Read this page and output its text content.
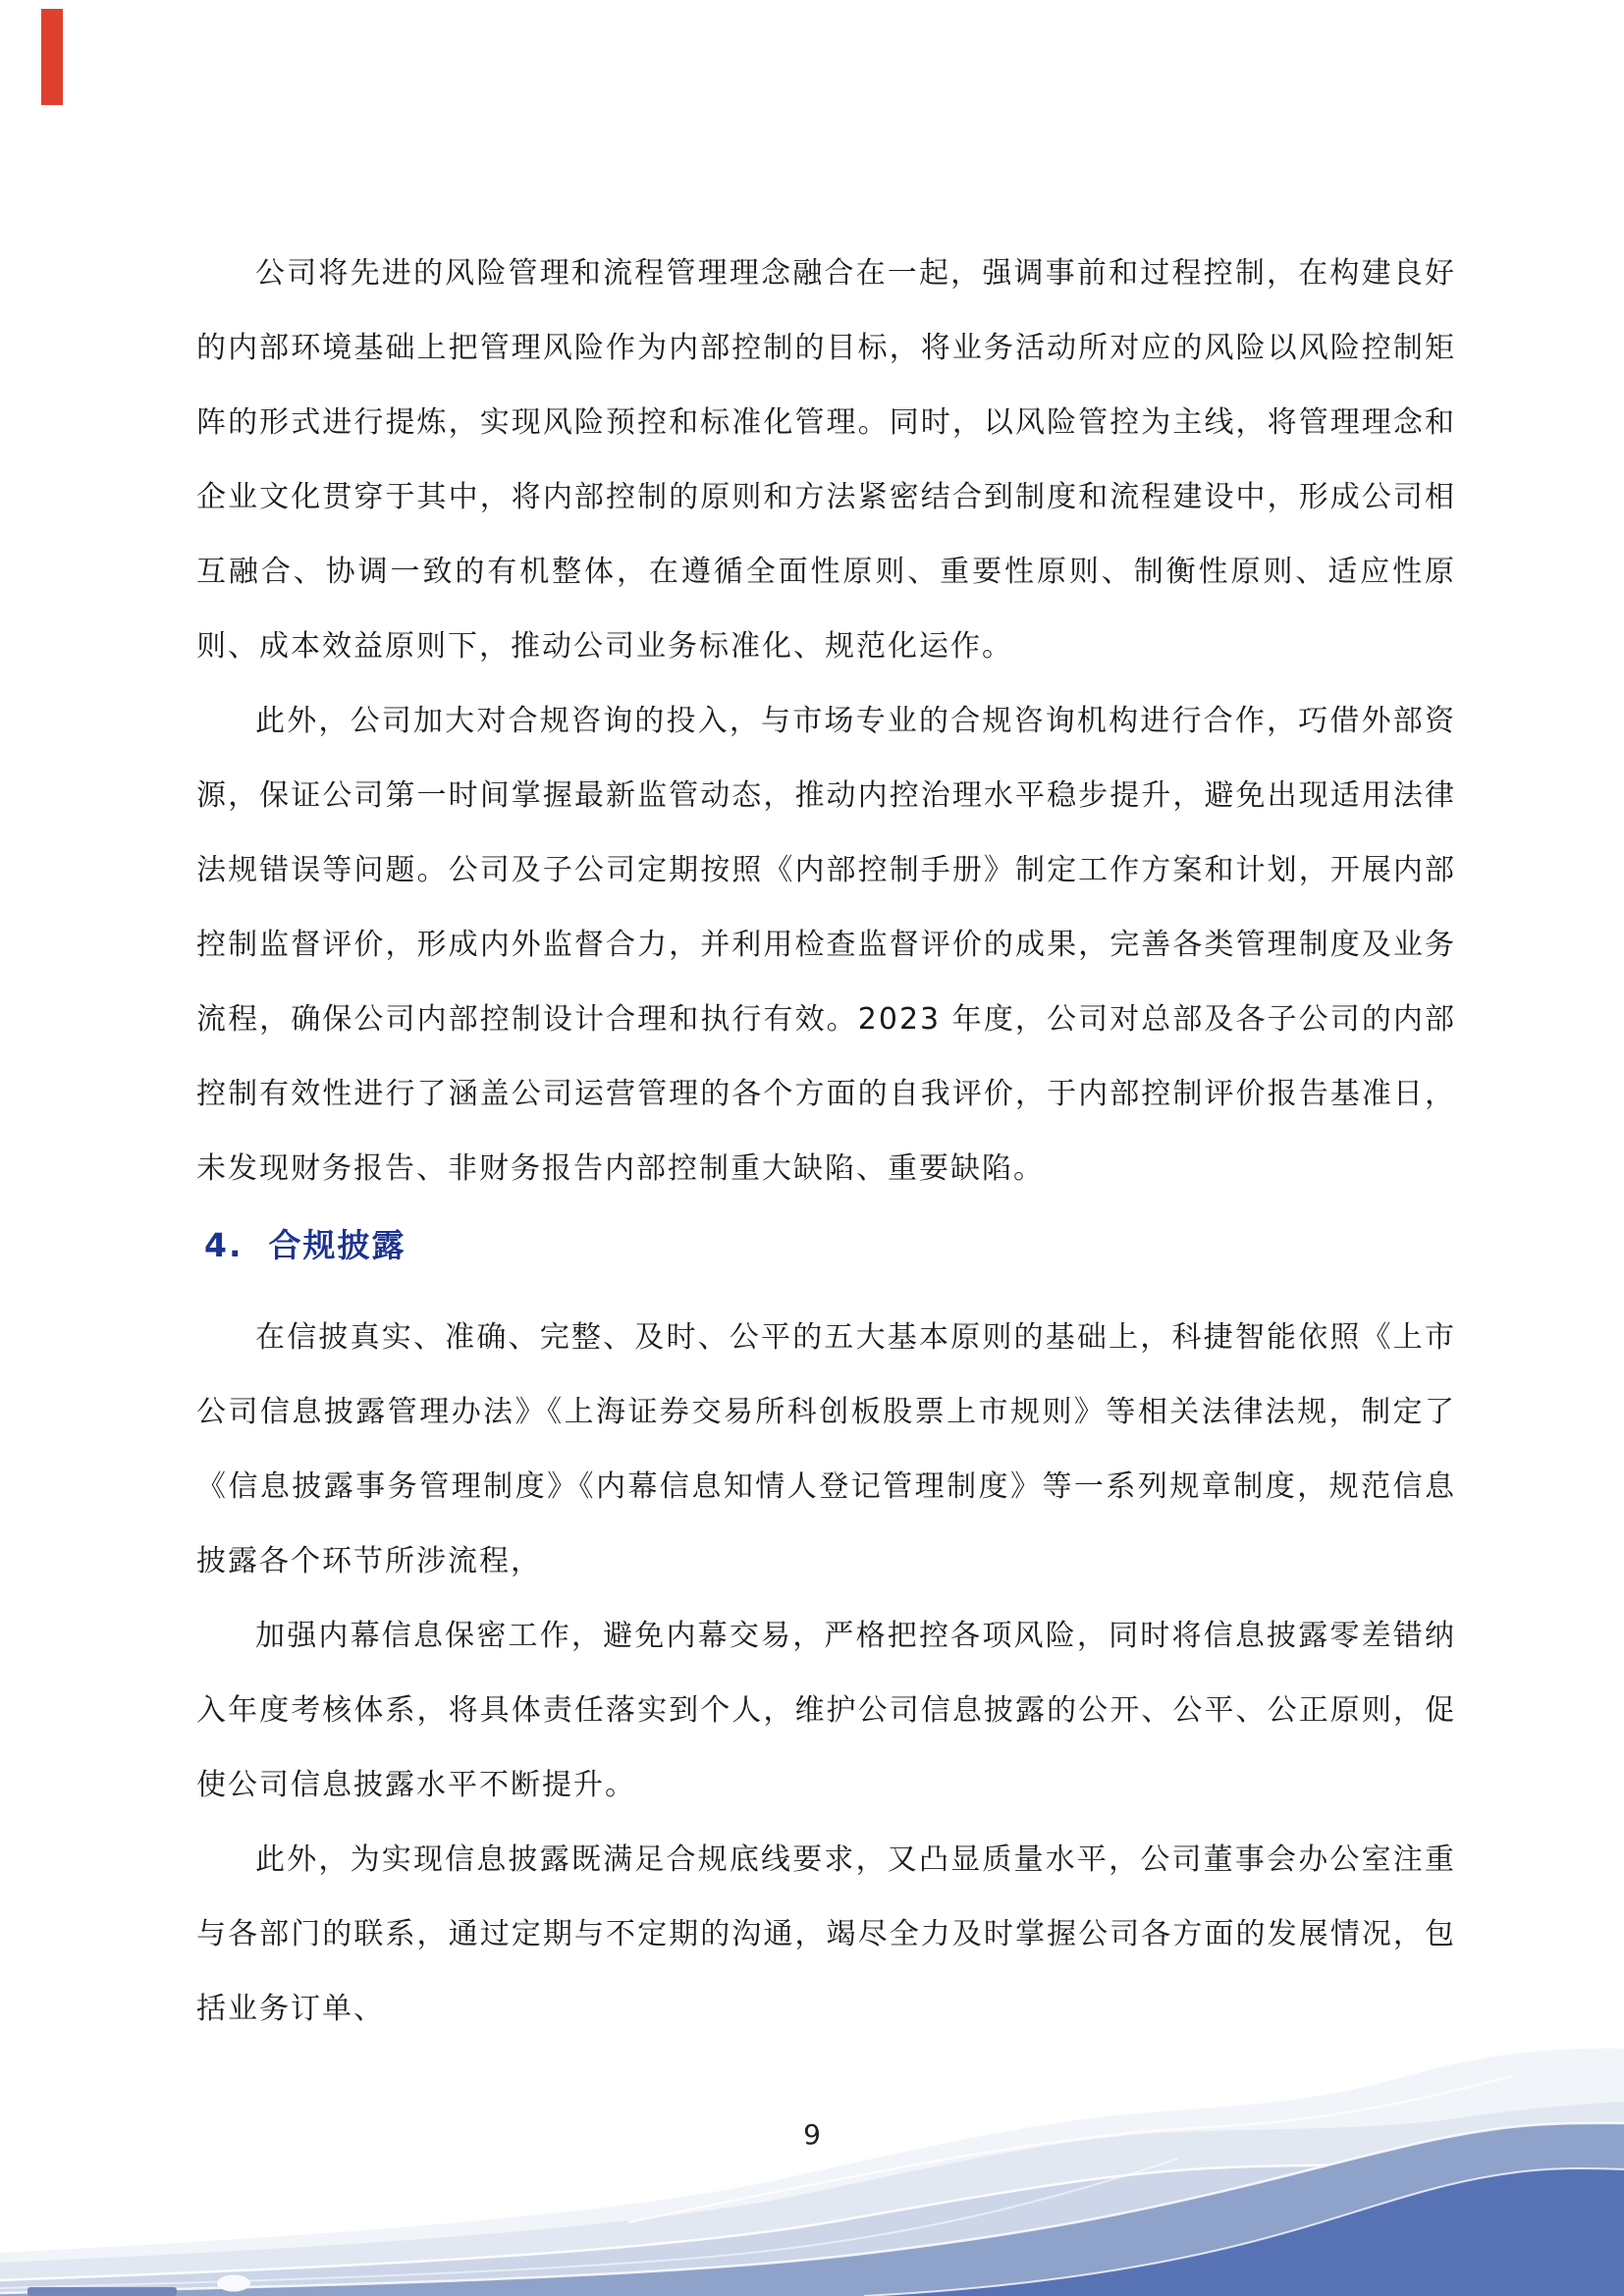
公司将先进的风险管理和流程管理理念融合在一起，强调事前和过程控制，在构建良好的内部环境基础上把管理风险作为内部控制的目标，将业务活动所对应的风险以风险控制矩阵的形式进行提炼，实现风险预控和标准化管理。同时，以风险管控为主线，将管理理念和企业文化贯穿于其中，将内部控制的原则和方法紧密结合到制度和流程建设中，形成公司相互融合、协调一致的有机整体，在遵循全面性原则、重要性原则、制衡性原则、适应性原则、成本效益原则下，推动公司业务标准化、规范化运作。

此外，公司加大对合规咨询的投入，与市场专业的合规咨询机构进行合作，巧借外部资源，保证公司第一时间掌握最新监管动态，推动内控治理水平稳步提升，避免出现适用法律法规错误等问题。公司及子公司定期按照《内部控制手册》制定工作方案和计划，开展内部控制监督评价，形成内外监督合力，并利用检查监督评价的成果，完善各类管理制度及业务流程，确保公司内部控制设计合理和执行有效。2023 年度，公司对总部及各子公司的内部控制有效性进行了涵盖公司运营管理的各个方面的自我评价，于内部控制评价报告基准日，未发现财务报告、非财务报告内部控制重大缺陷、重要缺陷。

4. 合规披露

在信披真实、准确、完整、及时、公平的五大基本原则的基础上，科捷智能依照《上市公司信息披露管理办法》《上海证券交易所科创板股票上市规则》等相关法律法规，制定了《信息披露事务管理制度》《内幕信息知情人登记管理制度》等一系列规章制度，规范信息披露各个环节所涉流程，

加强内幕信息保密工作，避免内幕交易，严格把控各项风险，同时将信息披露零差错纳入年度考核体系，将具体责任落实到个人，维护公司信息披露的公开、公平、公正原则，促使公司信息披露水平不断提升。

此外，为实现信息披露既满足合规底线要求，又凸显质量水平，公司董事会办公室注重与各部门的联系，通过定期与不定期的沟通，竭尽全力及时掌握公司各方面的发展情况，包括业务订单、

9
